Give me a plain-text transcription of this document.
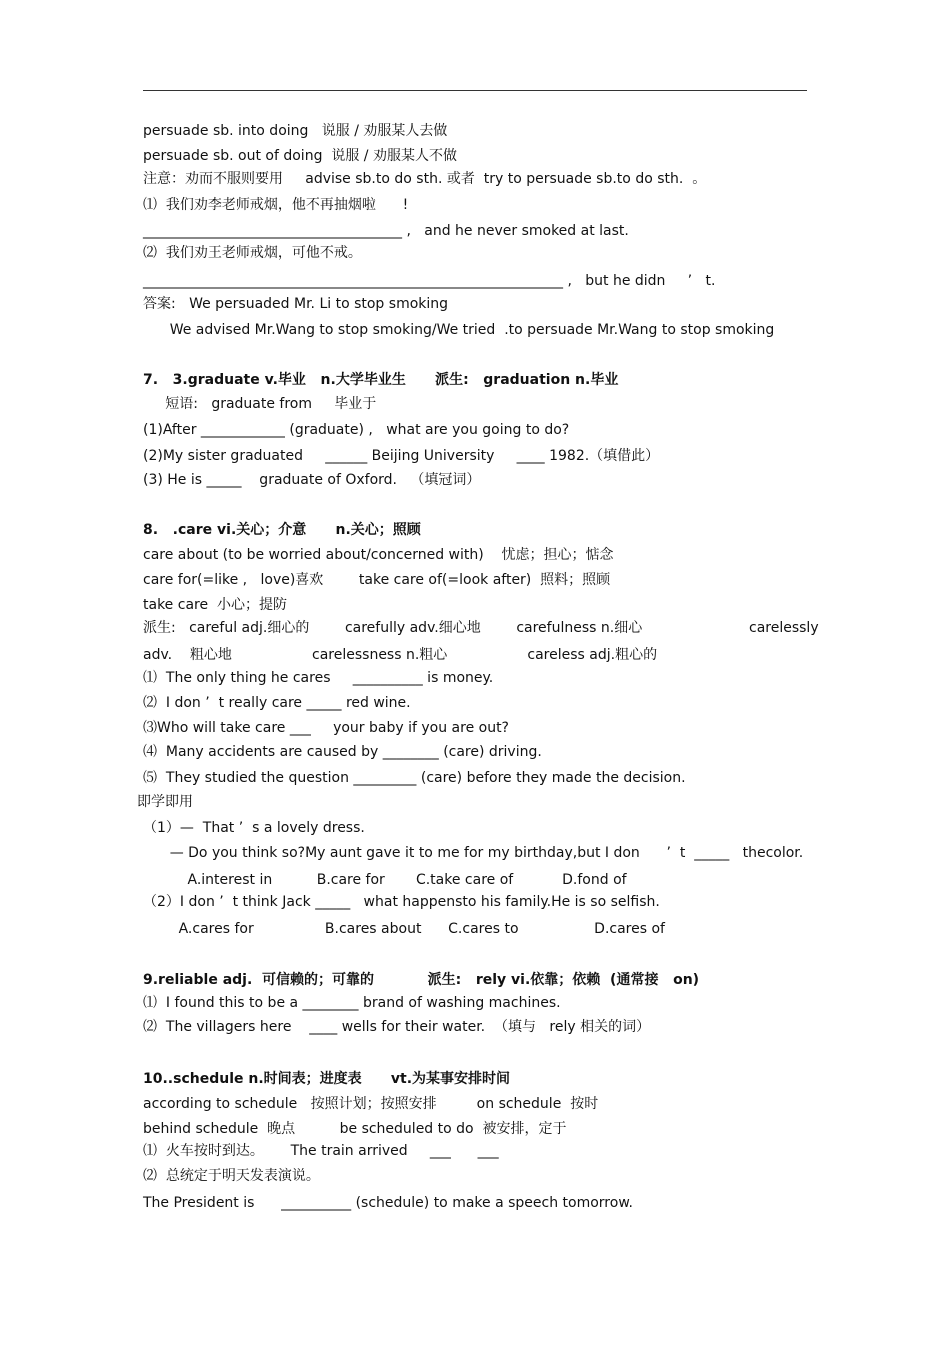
persuade sb. into doing   说服 / 劝服某人去做
persuade sb. out of doing  说服 / 劝服某人不做
注意：劝而不服则要用     advise sb.to do sth. 或者  try to persuade sb.to do sth.  。
⑴  我们劝李老师戒烟，他不再抽烟啦      !
_____________________________________ ,   and he never smoked at last.
⑵  我们劝王老师戒烟，可他不戒。
____________________________________________________________ ,   but he didn     ’   t.
答案:   We persuaded Mr. Li to stop smoking
We advised Mr.Wang to stop smoking/We tried  .to persuade Mr.Wang to stop smoking
7.   3.graduate v.毕业   n.大学毕业生      派生:   graduation n.毕业
短语:   graduate from     毕业于
(1)After ____________ (graduate) ,   what are you going to do?
(2)My sister graduated     ______ Beijing University     ____ 1982.（填借此）
(3) He is _____    graduate of Oxford.   （填冠词）
8.   .care vi.关心；介意      n.关心；照顾
care about (to be worried about/concerned with)    忧虑；担心；惦念
care for(=like ,   love)喜欢        take care of(=look after)  照料；照顾
take care  小心；提防
派生:   careful adj.细心的        carefully adv.细心地        carefulness n.细心                        carelessly
adv.    粗心地                  carelessness n.粗心                  careless adj.粗心的
⑴  The only thing he cares     __________ is money.
⑵  I don ’  t really care _____ red wine.
⑶Who will take care ___     your baby if you are out?
⑷  Many accidents are caused by ________ (care) driving.
⑸  They studied the question _________ (care) before they made the decision.
即学即用
（1）—  That ’  s a lovely dress.
— Do you think so?My aunt gave it to me for my birthday,but I don      ’  t  _____   thecolor.
A.interest in          B.care for       C.take care of           D.fond of
（2）I don ’  t think Jack _____   what happensto his family.He is so selfish.
A.cares for                B.cares about      C.cares to                 D.cares of
9.reliable adj.  可信赖的；可靠的           派生:   rely vi.依靠；依赖  (通常接   on)
⑴  I found this to be a ________ brand of washing machines.
⑵  The villagers here    ____ wells for their water.  （填与   rely 相关的词）
10..schedule n.时间表；进度表      vt.为某事安排时间
according to schedule   按照计划；按照安排         on schedule  按时
behind schedule  晚点          be scheduled to do  被安排，定于
⑴  火车按时到达。      The train arrived     ___      ___
⑵  总统定于明天发表演说。
The President is      __________ (schedule) to make a speech tomorrow.
